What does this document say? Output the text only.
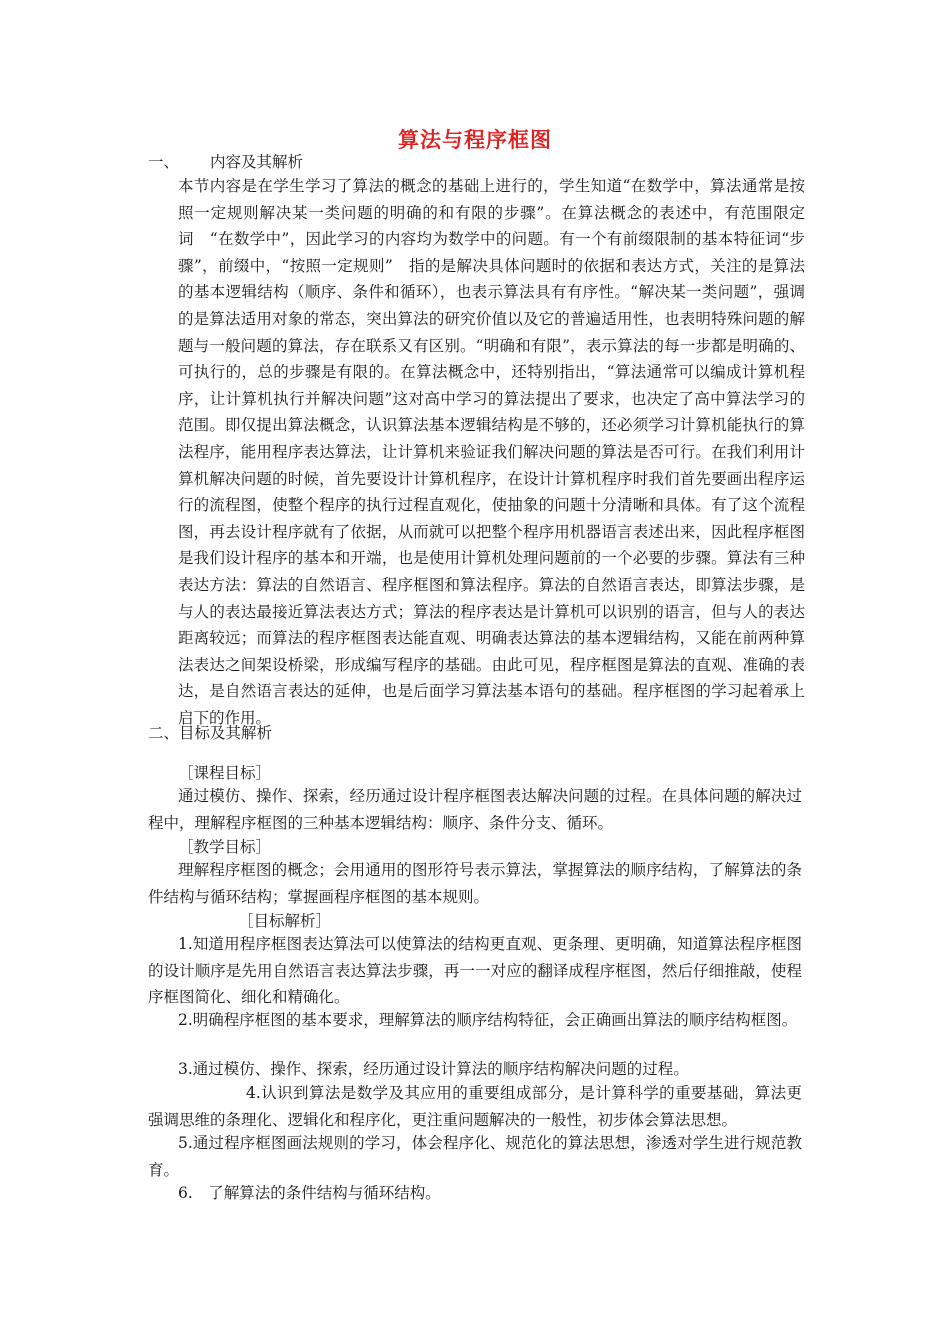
算法与程序框图
一、 内容及其解析

本节内容是在学生学习了算法的概念的基础上进行的，学生知道“在数学中，算法通常是按照一定规则解决某一类问题的明确的和有限的步骤”。在算法概念的表述中，有范围限定词　“在数学中”，因此学习的内容均为数学中的问题。有一个有前缀限制的基本特征词“步骤”，前缀中，“按照一定规则”　指的是解决具体问题时的依据和表达方式，关注的是算法的基本逻辑结构（顺序、条件和循环），也表示算法具有有序性。“解决某一类问题”，强调的是算法适用对象的常态，突出算法的研究价值以及它的普遍适用性，也表明特殊问题的解题与一般问题的算法，存在联系又有区别。“明确和有限”，表示算法的每一步都是明确的、可执行的，总的步骤是有限的。在算法概念中，还特别指出，“算法通常可以编成计算机程序，让计算机执行并解决问题”这对高中学习的算法提出了要求，也决定了高中算法学习的范围。即仅提出算法概念，认识算法基本逻辑结构是不够的，还必须学习计算机能执行的算法程序，能用程序表达算法，让计算机来验证我们解决问题的算法是否可行。在我们利用计算机解决问题的时候，首先要设计计算机程序，在设计计算机程序时我们首先要画出程序运行的流程图，使整个程序的执行过程直观化，使抽象的问题十分清晰和具体。有了这个流程图，再去设计程序就有了依据，从而就可以把整个程序用机器语言表述出来，因此程序框图是我们设计程序的基本和开端，也是使用计算机处理问题前的一个必要的步骤。算法有三种表达方法：算法的自然语言、程序框图和算法程序。算法的自然语言表达，即算法步骤，是与人的表达最接近算法表达方式；算法的程序表达是计算机可以识别的语言，但与人的表达距离较远；而算法的程序框图表达能直观、明确表达算法的基本逻辑结构，又能在前两种算法表达之间架设桥梁，形成编写程序的基础。由此可见，程序框图是算法的直观、准确的表达，是自然语言表达的延伸，也是后面学习算法基本语句的基础。程序框图的学习起着承上启下的作用。

二、目标及其解析
［课程目标］

通过模仿、操作、探索，经历通过设计程序框图表达解决问题的过程。在具体问题的解决过程中，理解程序框图的三种基本逻辑结构：顺序、条件分支、循环。

［教学目标］

理解程序框图的概念；会用通用的图形符号表示算法，掌握算法的顺序结构，了解算法的条件结构与循环结构；掌握画程序框图的基本规则。

［目标解析］

1.知道用程序框图表达算法可以使算法的结构更直观、更条理、更明确，知道算法程序框图的设计顺序是先用自然语言表达算法步骤，再一一对应的翻译成程序框图，然后仔细推敲，使程序框图简化、细化和精确化。

2.明确程序框图的基本要求，理解算法的顺序结构特征，会正确画出算法的顺序结构框图。

3.通过模仿、操作、探索，经历通过设计算法的顺序结构解决问题的过程。

4.认识到算法是数学及其应用的重要组成部分，是计算科学的重要基础，算法更强调思维的条理化、逻辑化和程序化，更注重问题解决的一般性，初步体会算法思想。

5.通过程序框图画法规则的学习，体会程序化、规范化的算法思想，渗透对学生进行规范教育。

6.　了解算法的条件结构与循环结构。
